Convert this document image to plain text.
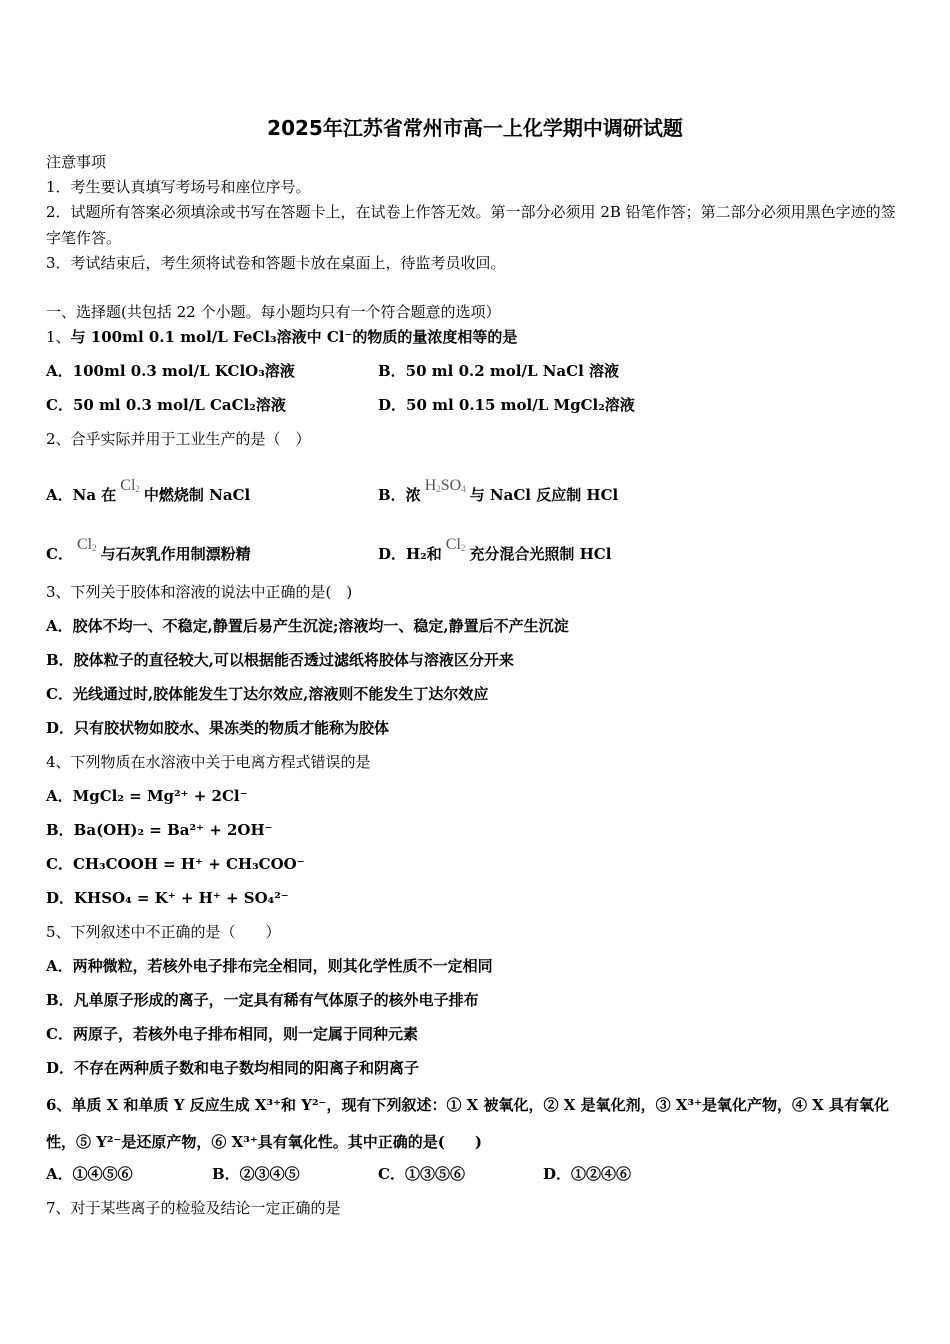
2025年江苏省常州市高一上化学期中调研试题
注意事项
1．考生要认真填写考场号和座位序号。
2．试题所有答案必须填涂或书写在答题卡上，在试卷上作答无效。第一部分必须用 2B 铅笔作答；第二部分必须用黑色字迹的签字笔作答。
3．考试结束后，考生须将试卷和答题卡放在桌面上，待监考员收回。
一、选择题(共包括 22 个小题。每小题均只有一个符合题意的选项）
1、与 100ml 0.1 mol/L FeCl₃溶液中 Cl⁻的物质的量浓度相等的是
A．100ml 0.3 mol/L KClO₃溶液	B．50 ml 0.2 mol/L NaCl 溶液
C．50 ml 0.3 mol/L CaCl₂溶液	D．50 ml 0.15 mol/L MgCl₂溶液
2、合乎实际并用于工业生产的是（　）
A．Na 在$Cl_2$ 中燃烧制 NaCl	B．浓$H_2SO_4$ 与 NaCl 反应制 HCl
C．$Cl_2$ 与石灰乳作用制漂粉精	D．H₂和$Cl_2$ 充分混合光照制 HCl
3、下列关于胶体和溶液的说法中正确的是(　)
A．胶体不均一、不稳定,静置后易产生沉淀;溶液均一、稳定,静置后不产生沉淀
B．胶体粒子的直径较大,可以根据能否透过滤纸将胶体与溶液区分开来
C．光线通过时,胶体能发生丁达尔效应,溶液则不能发生丁达尔效应
D．只有胶状物如胶水、果冻类的物质才能称为胶体
4、下列物质在水溶液中关于电离方程式错误的是
A．MgCl₂ = Mg²⁺ + 2Cl⁻
B．Ba(OH)₂ = Ba²⁺ + 2OH⁻
C．CH₃COOH = H⁺ + CH₃COO⁻
D．KHSO₄ = K⁺ + H⁺ + SO₄²⁻
5、下列叙述中不正确的是（　　）
A．两种微粒，若核外电子排布完全相同，则其化学性质不一定相同
B．凡单原子形成的离子，一定具有稀有气体原子的核外电子排布
C．两原子，若核外电子排布相同，则一定属于同种元素
D．不存在两种质子数和电子数均相同的阳离子和阴离子
6、单质 X 和单质 Y 反应生成 X³⁺和 Y²⁻，现有下列叙述：① X 被氧化，② X 是氧化剂，③ X³⁺是氧化产物，④ X 具有氧化性，⑤ Y²⁻是还原产物，⑥ X³⁺具有氧化性。其中正确的是(　　)
A．①④⑤⑥	B．②③④⑤	C．①③⑤⑥	D．①②④⑥
7、对于某些离子的检验及结论一定正确的是
